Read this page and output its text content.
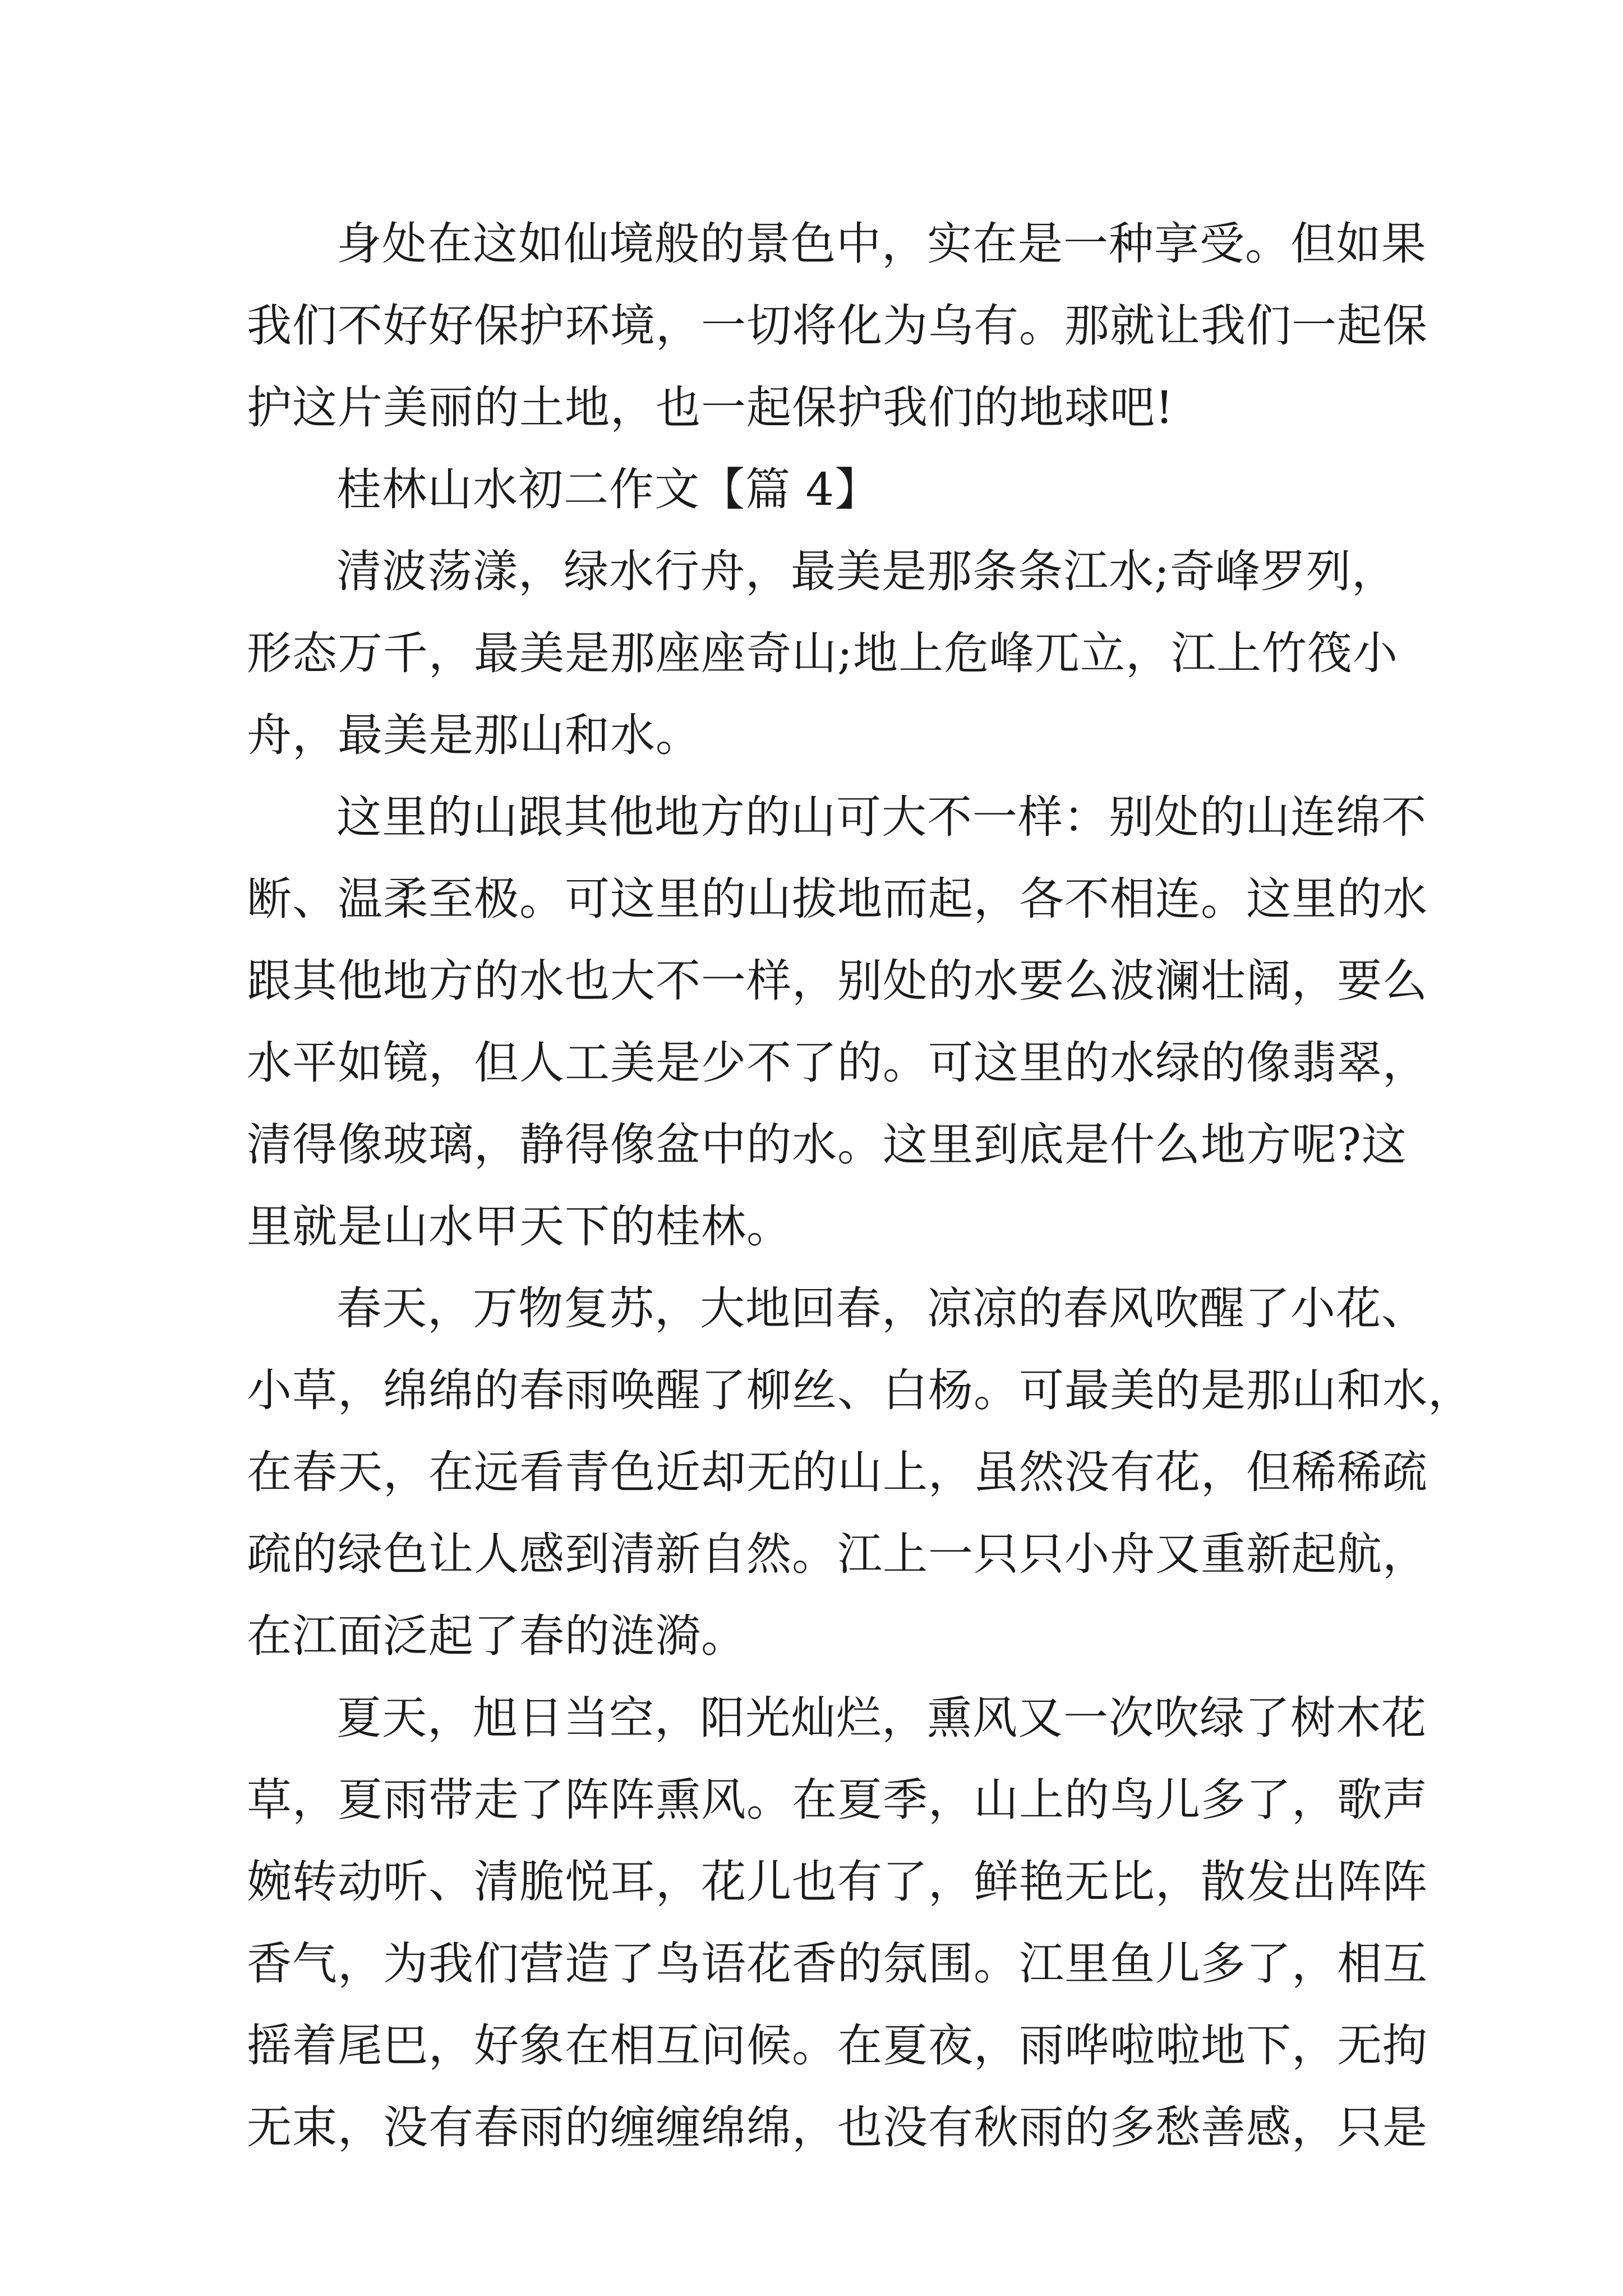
身处在这如仙境般的景色中，实在是一种享受。但如果
我们不好好保护环境，一切将化为乌有。那就让我们一起保
护这片美丽的土地，也一起保护我们的地球吧!

桂林山水初二作文【篇 4】

清波荡漾，绿水行舟，最美是那条条江水;奇峰罗列，
形态万千，最美是那座座奇山;地上危峰兀立，江上竹筏小
舟，最美是那山和水。

这里的山跟其他地方的山可大不一样：别处的山连绵不
断、温柔至极。可这里的山拔地而起，各不相连。这里的水
跟其他地方的水也大不一样，别处的水要么波澜壮阔，要么
水平如镜，但人工美是少不了的。可这里的水绿的像翡翠，
清得像玻璃，静得像盆中的水。这里到底是什么地方呢?这
里就是山水甲天下的桂林。

春天，万物复苏，大地回春，凉凉的春风吹醒了小花、
小草，绵绵的春雨唤醒了柳丝、白杨。可最美的是那山和水，
在春天，在远看青色近却无的山上，虽然没有花，但稀稀疏
疏的绿色让人感到清新自然。江上一只只小舟又重新起航，
在江面泛起了春的涟漪。

夏天，旭日当空，阳光灿烂，熏风又一次吹绿了树木花
草，夏雨带走了阵阵熏风。在夏季，山上的鸟儿多了，歌声
婉转动听、清脆悦耳，花儿也有了，鲜艳无比，散发出阵阵
香气，为我们营造了鸟语花香的氛围。江里鱼儿多了，相互
摇着尾巴，好象在相互问候。在夏夜，雨哗啦啦地下，无拘
无束，没有春雨的缠缠绵绵，也没有秋雨的多愁善感，只是
